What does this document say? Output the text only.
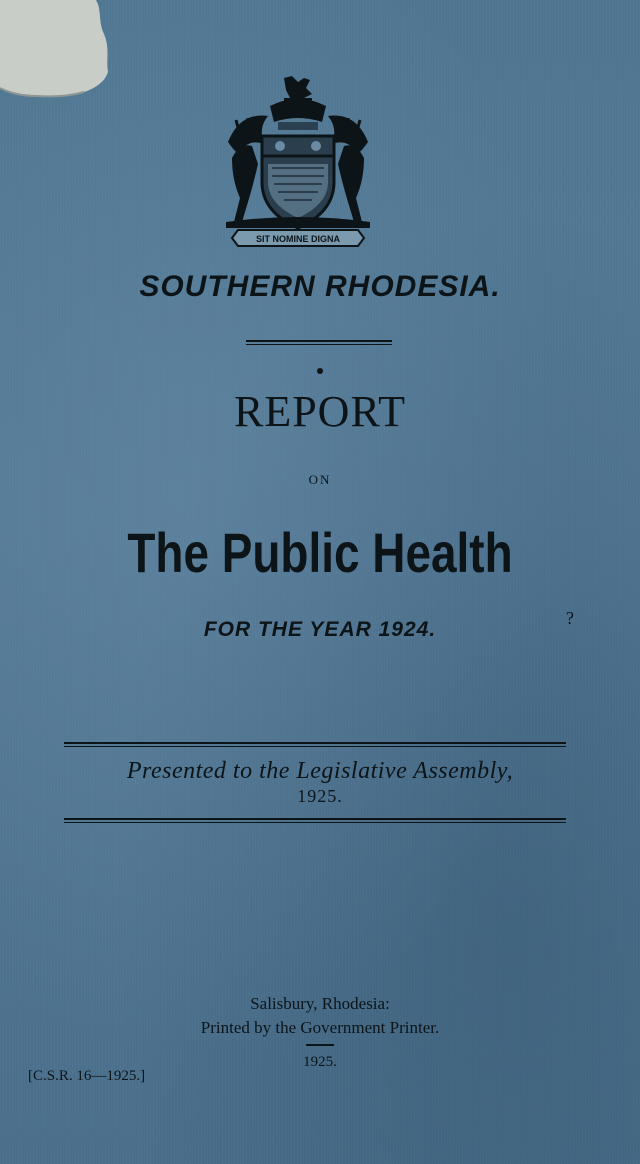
SIT NOMINE DIGNA
SOUTHERN RHODESIA.
REPORT
ON
The Public Health
FOR THE YEAR 1924.	?
Presented to the Legislative Assembly,
1925.
Salisbury, Rhodesia:
Printed by the Government Printer.
1925.
[C.S.R. 16—1925.]
